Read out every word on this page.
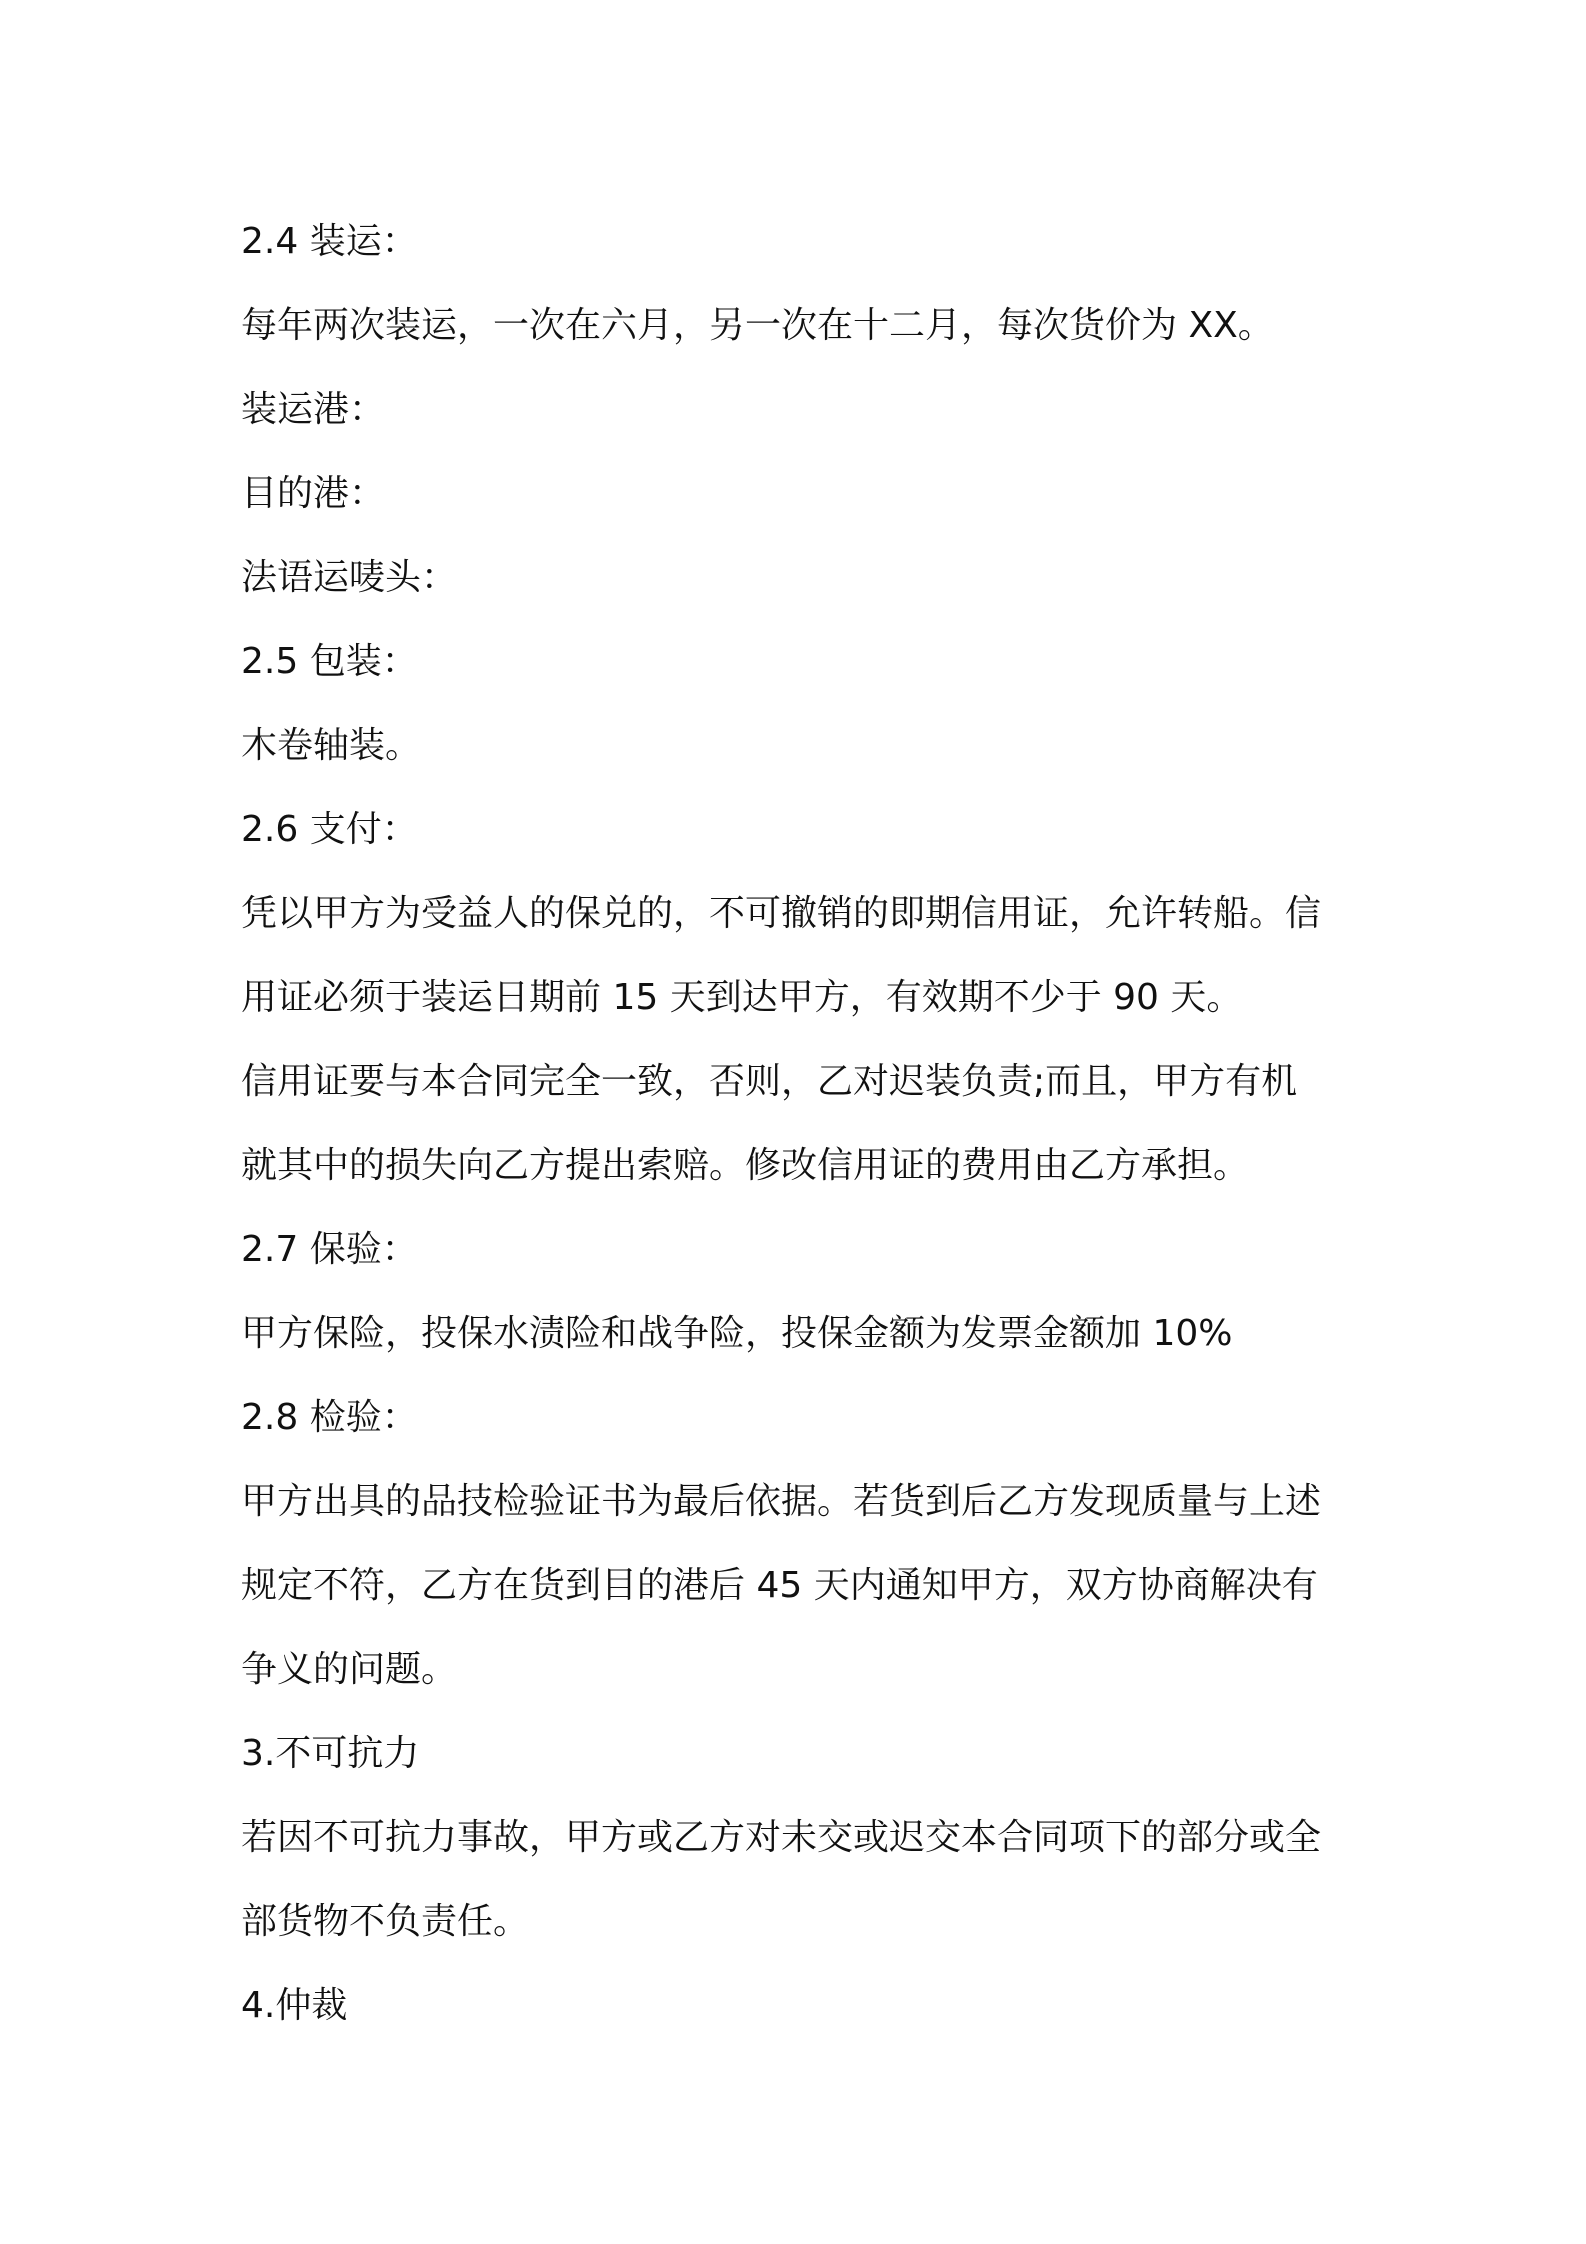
2.4 装运：

每年两次装运，一次在六月，另一次在十二月，每次货价为 XX。

装运港：

目的港：

法语运唛头：

2.5 包装：

木卷轴装。

2.6 支付：

凭以甲方为受益人的保兑的，不可撤销的即期信用证，允许转船。信

用证必须于装运日期前 15 天到达甲方，有效期不少于 90 天。

信用证要与本合同完全一致，否则，乙对迟装负责;而且，甲方有机

就其中的损失向乙方提出索赔。修改信用证的费用由乙方承担。

2.7 保验：

甲方保险，投保水渍险和战争险，投保金额为发票金额加 10%

2.8 检验：

甲方出具的品技检验证书为最后依据。若货到后乙方发现质量与上述

规定不符，乙方在货到目的港后 45 天内通知甲方，双方协商解决有

争义的问题。

3.不可抗力

若因不可抗力事故，甲方或乙方对未交或迟交本合同项下的部分或全

部货物不负责任。

4.仲裁
